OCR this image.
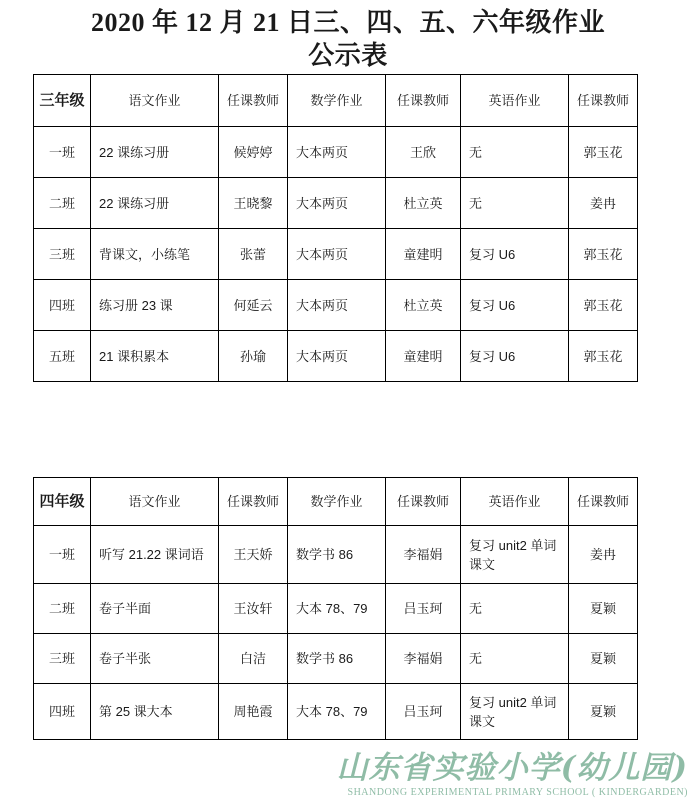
2020 年 12 月 21 日三、四、五、六年级作业
公示表
三年级	语文作业	任课教师	数学作业	任课教师	英语作业	任课教师
一班	22 课练习册	候婷婷	大本两页	王欣	无	郭玉花
二班	22 课练习册	王晓黎	大本两页	杜立英	无	姜冉
三班	背课文，小练笔	张蕾	大本两页	童建明	复习 U6	郭玉花
四班	练习册 23 课	何延云	大本两页	杜立英	复习 U6	郭玉花
五班	21 课积累本	孙瑜	大本两页	童建明	复习 U6	郭玉花
四年级	语文作业	任课教师	数学作业	任课教师	英语作业	任课教师
一班	听写 21.22 课词语	王天娇	数学书 86	李福娟	复习 unit2 单词 课文	姜冉
二班	卷子半面	王汝轩	大本 78、79	吕玉珂	无	夏颖
三班	卷子半张	白洁	数学书 86	李福娟	无	夏颖
四班	第 25 课大本	周艳霞	大本 78、79	吕玉珂	复习 unit2 单词 课文	夏颖
山东省实验小学(幼儿园)
SHANDONG EXPERIMENTAL PRIMARY SCHOOL ( KINDERGARDEN)
